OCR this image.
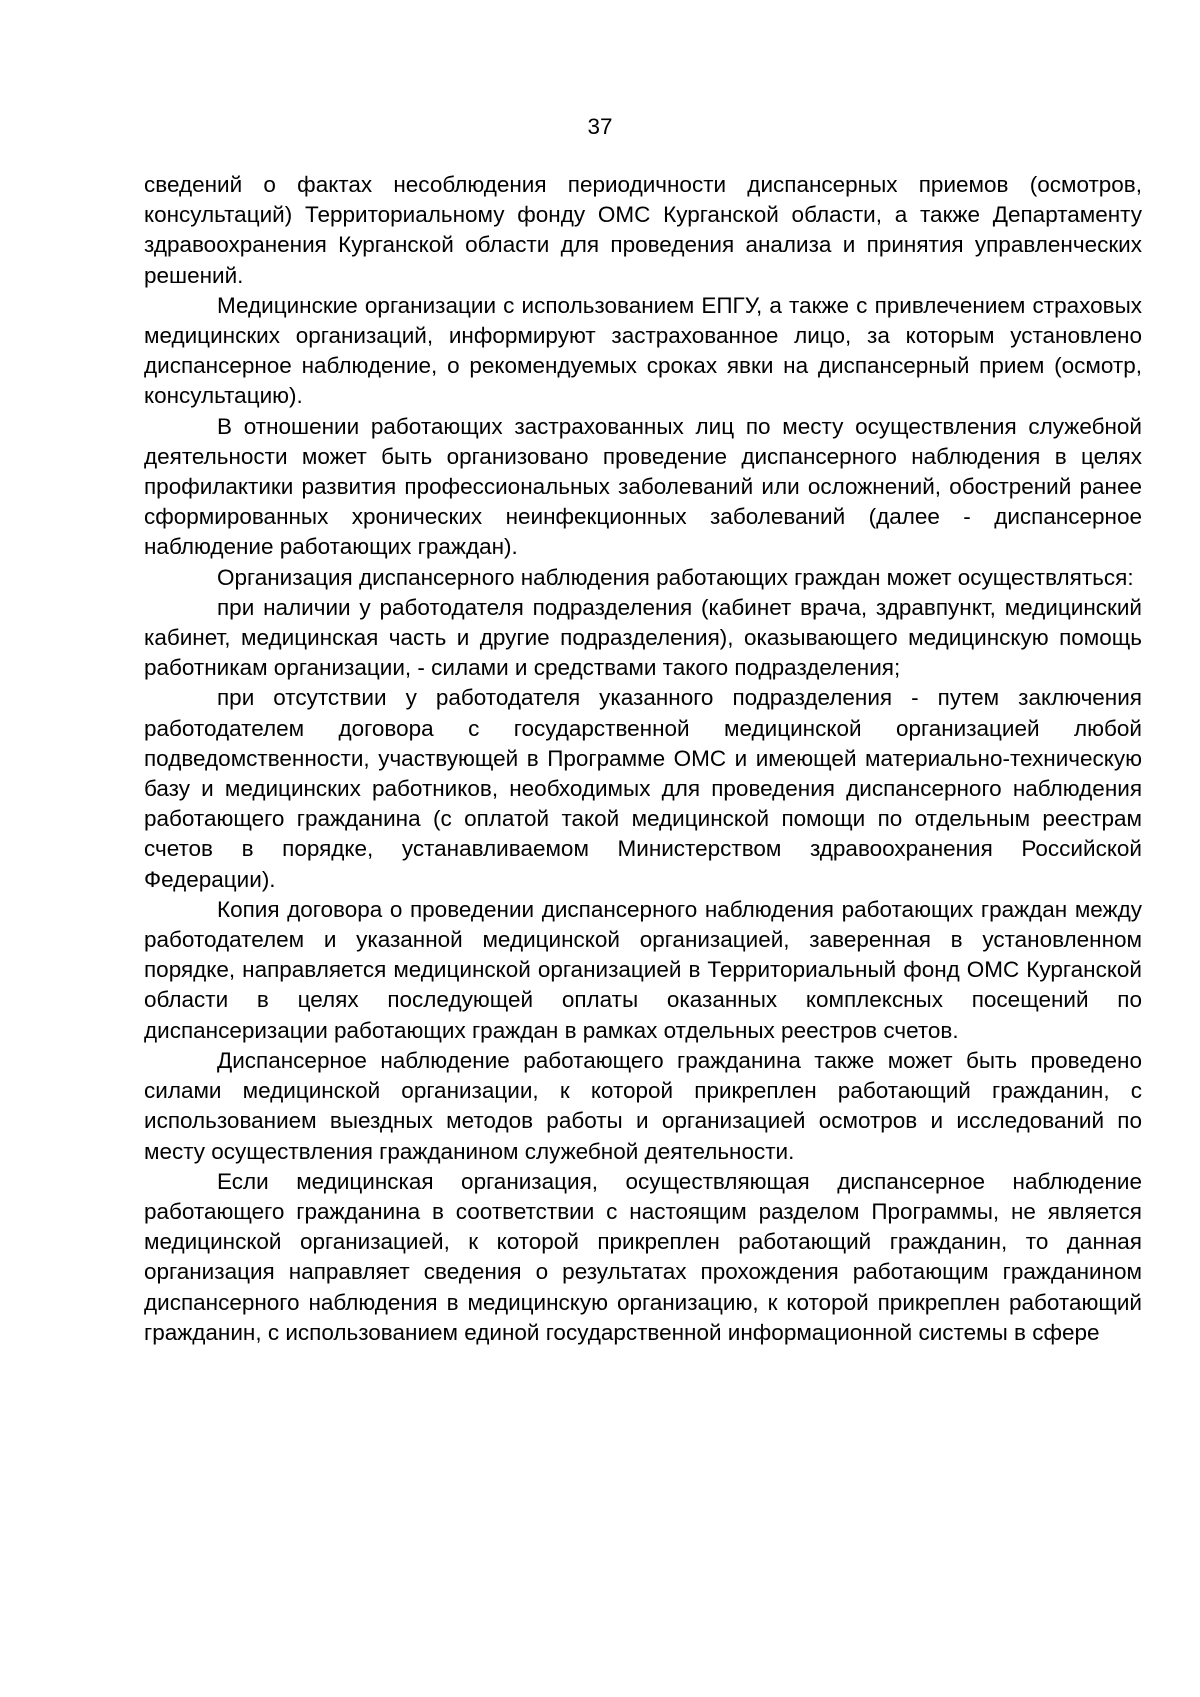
37

сведений о фактах несоблюдения периодичности диспансерных приемов (осмотров, консультаций) Территориальному фонду ОМС Курганской области, а также Департаменту здравоохранения Курганской области для проведения анализа и принятия управленческих решений.

Медицинские организации с использованием ЕПГУ, а также с привлечением страховых медицинских организаций, информируют застрахованное лицо, за которым установлено диспансерное наблюдение, о рекомендуемых сроках явки на диспансерный прием (осмотр, консультацию).

В отношении работающих застрахованных лиц по месту осуществления служебной деятельности может быть организовано проведение диспансерного наблюдения в целях профилактики развития профессиональных заболеваний или осложнений, обострений ранее сформированных хронических неинфекционных заболеваний (далее - диспансерное наблюдение работающих граждан).

Организация диспансерного наблюдения работающих граждан может осуществляться:

при наличии у работодателя подразделения (кабинет врача, здравпункт, медицинский кабинет, медицинская часть и другие подразделения), оказывающего медицинскую помощь работникам организации, - силами и средствами такого подразделения;

при отсутствии у работодателя указанного подразделения - путем заключения работодателем договора с государственной медицинской организацией любой подведомственности, участвующей в Программе ОМС и имеющей материально-техническую базу и медицинских работников, необходимых для проведения диспансерного наблюдения работающего гражданина (с оплатой такой медицинской помощи по отдельным реестрам счетов в порядке, устанавливаемом Министерством здравоохранения Российской Федерации).

Копия договора о проведении диспансерного наблюдения работающих граждан между работодателем и указанной медицинской организацией, заверенная в установленном порядке, направляется медицинской организацией в Территориальный фонд ОМС Курганской области в целях последующей оплаты оказанных комплексных посещений по диспансеризации работающих граждан в рамках отдельных реестров счетов.

Диспансерное наблюдение работающего гражданина также может быть проведено силами медицинской организации, к которой прикреплен работающий гражданин, с использованием выездных методов работы и организацией осмотров и исследований по месту осуществления гражданином служебной деятельности.

Если медицинская организация, осуществляющая диспансерное наблюдение работающего гражданина в соответствии с настоящим разделом Программы, не является медицинской организацией, к которой прикреплен работающий гражданин, то данная организация направляет сведения о результатах прохождения работающим гражданином диспансерного наблюдения в медицинскую организацию, к которой прикреплен работающий гражданин, с использованием единой государственной информационной системы в сфере
